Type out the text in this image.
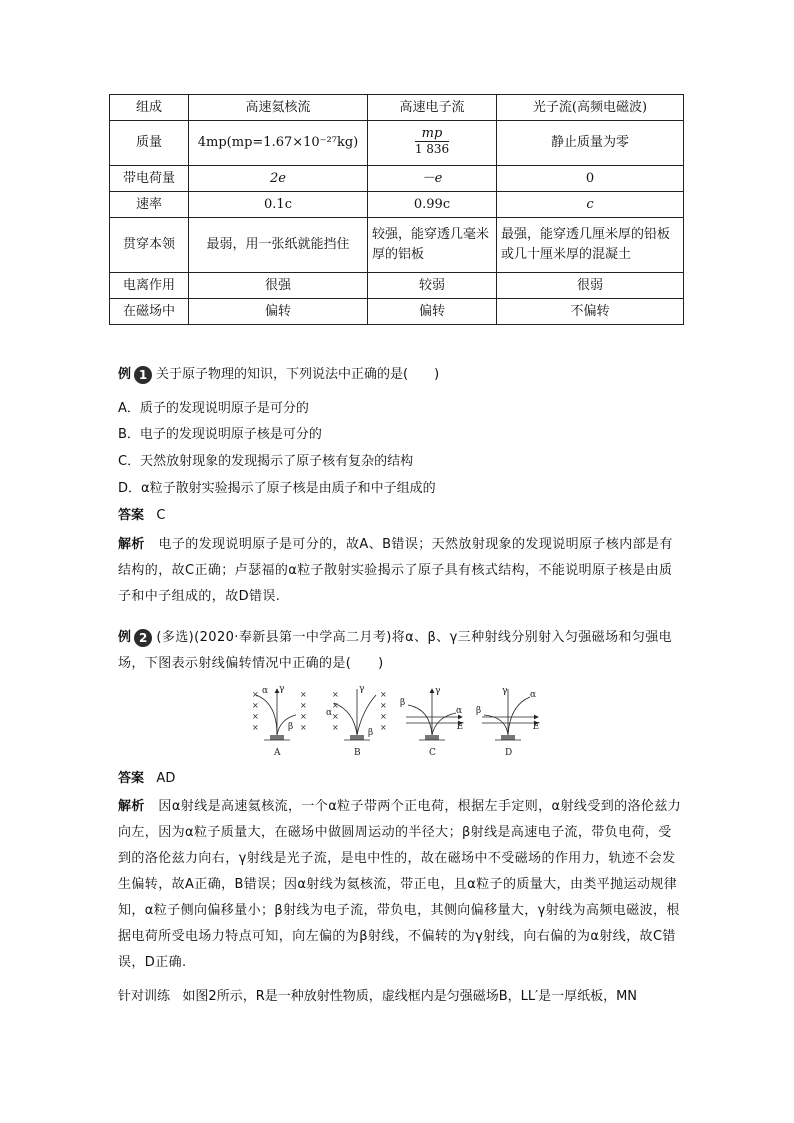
组成	高速氦核流	高速电子流	光子流(高频电磁波)
质量	4mp(mp=1.67×10⁻²⁷kg)	$\frac{mp}{1 836}$	静止质量为零
带电荷量	2e	－e	0
速率	0.1c	0.99c	c
贯穿本领	最弱，用一张纸就能挡住	较强，能穿透几毫米厚的铝板	最强，能穿透几厘米厚的铅板或几十厘米厚的混凝土
电离作用	很强	较弱	很弱
在磁场中	偏转	偏转	不偏转
例 1 关于原子物理的知识，下列说法中正确的是(　　)
A．质子的发现说明原子是可分的
B．电子的发现说明原子核是可分的
C．天然放射现象的发现揭示了原子核有复杂的结构
D．α粒子散射实验揭示了原子核是由质子和中子组成的
答案 C

解析 电子的发现说明原子是可分的，故A、B错误；天然放射现象的发现说明原子核内部是有结构的，故C正确；卢瑟福的α粒子散射实验揭示了原子具有核式结构，不能说明原子核是由质子和中子组成的，故D错误.

例 2 (多选)(2020·奉新县第一中学高二月考)将α、β、γ三种射线分别射入匀强磁场和匀强电场，下图表示射线偏转情况中正确的是(　　)

×
×
×
×
×
×
×
×
α γ
β
A
×
×
×
×
×
×
×
×
α
γ
β
B
β
γ
α
E
C
β
γ	α
E
D
答案 AD

解析 因α射线是高速氦核流，一个α粒子带两个正电荷，根据左手定则，α射线受到的洛伦兹力向左，因为α粒子质量大，在磁场中做圆周运动的半径大；β射线是高速电子流，带负电荷，受到的洛伦兹力向右，γ射线是光子流，是电中性的，故在磁场中不受磁场的作用力，轨迹不会发生偏转，故A正确，B错误；因α射线为氦核流，带正电，且α粒子的质量大，由类平抛运动规律知，α粒子侧向偏移量小；β射线为电子流，带负电，其侧向偏移量大，γ射线为高频电磁波，根据电荷所受电场力特点可知，向左偏的为β射线，不偏转的为γ射线，向右偏的为α射线，故C错误，D正确.

针对训练 如图2所示，R是一种放射性物质，虚线框内是匀强磁场B，LL′是一厚纸板，MN
